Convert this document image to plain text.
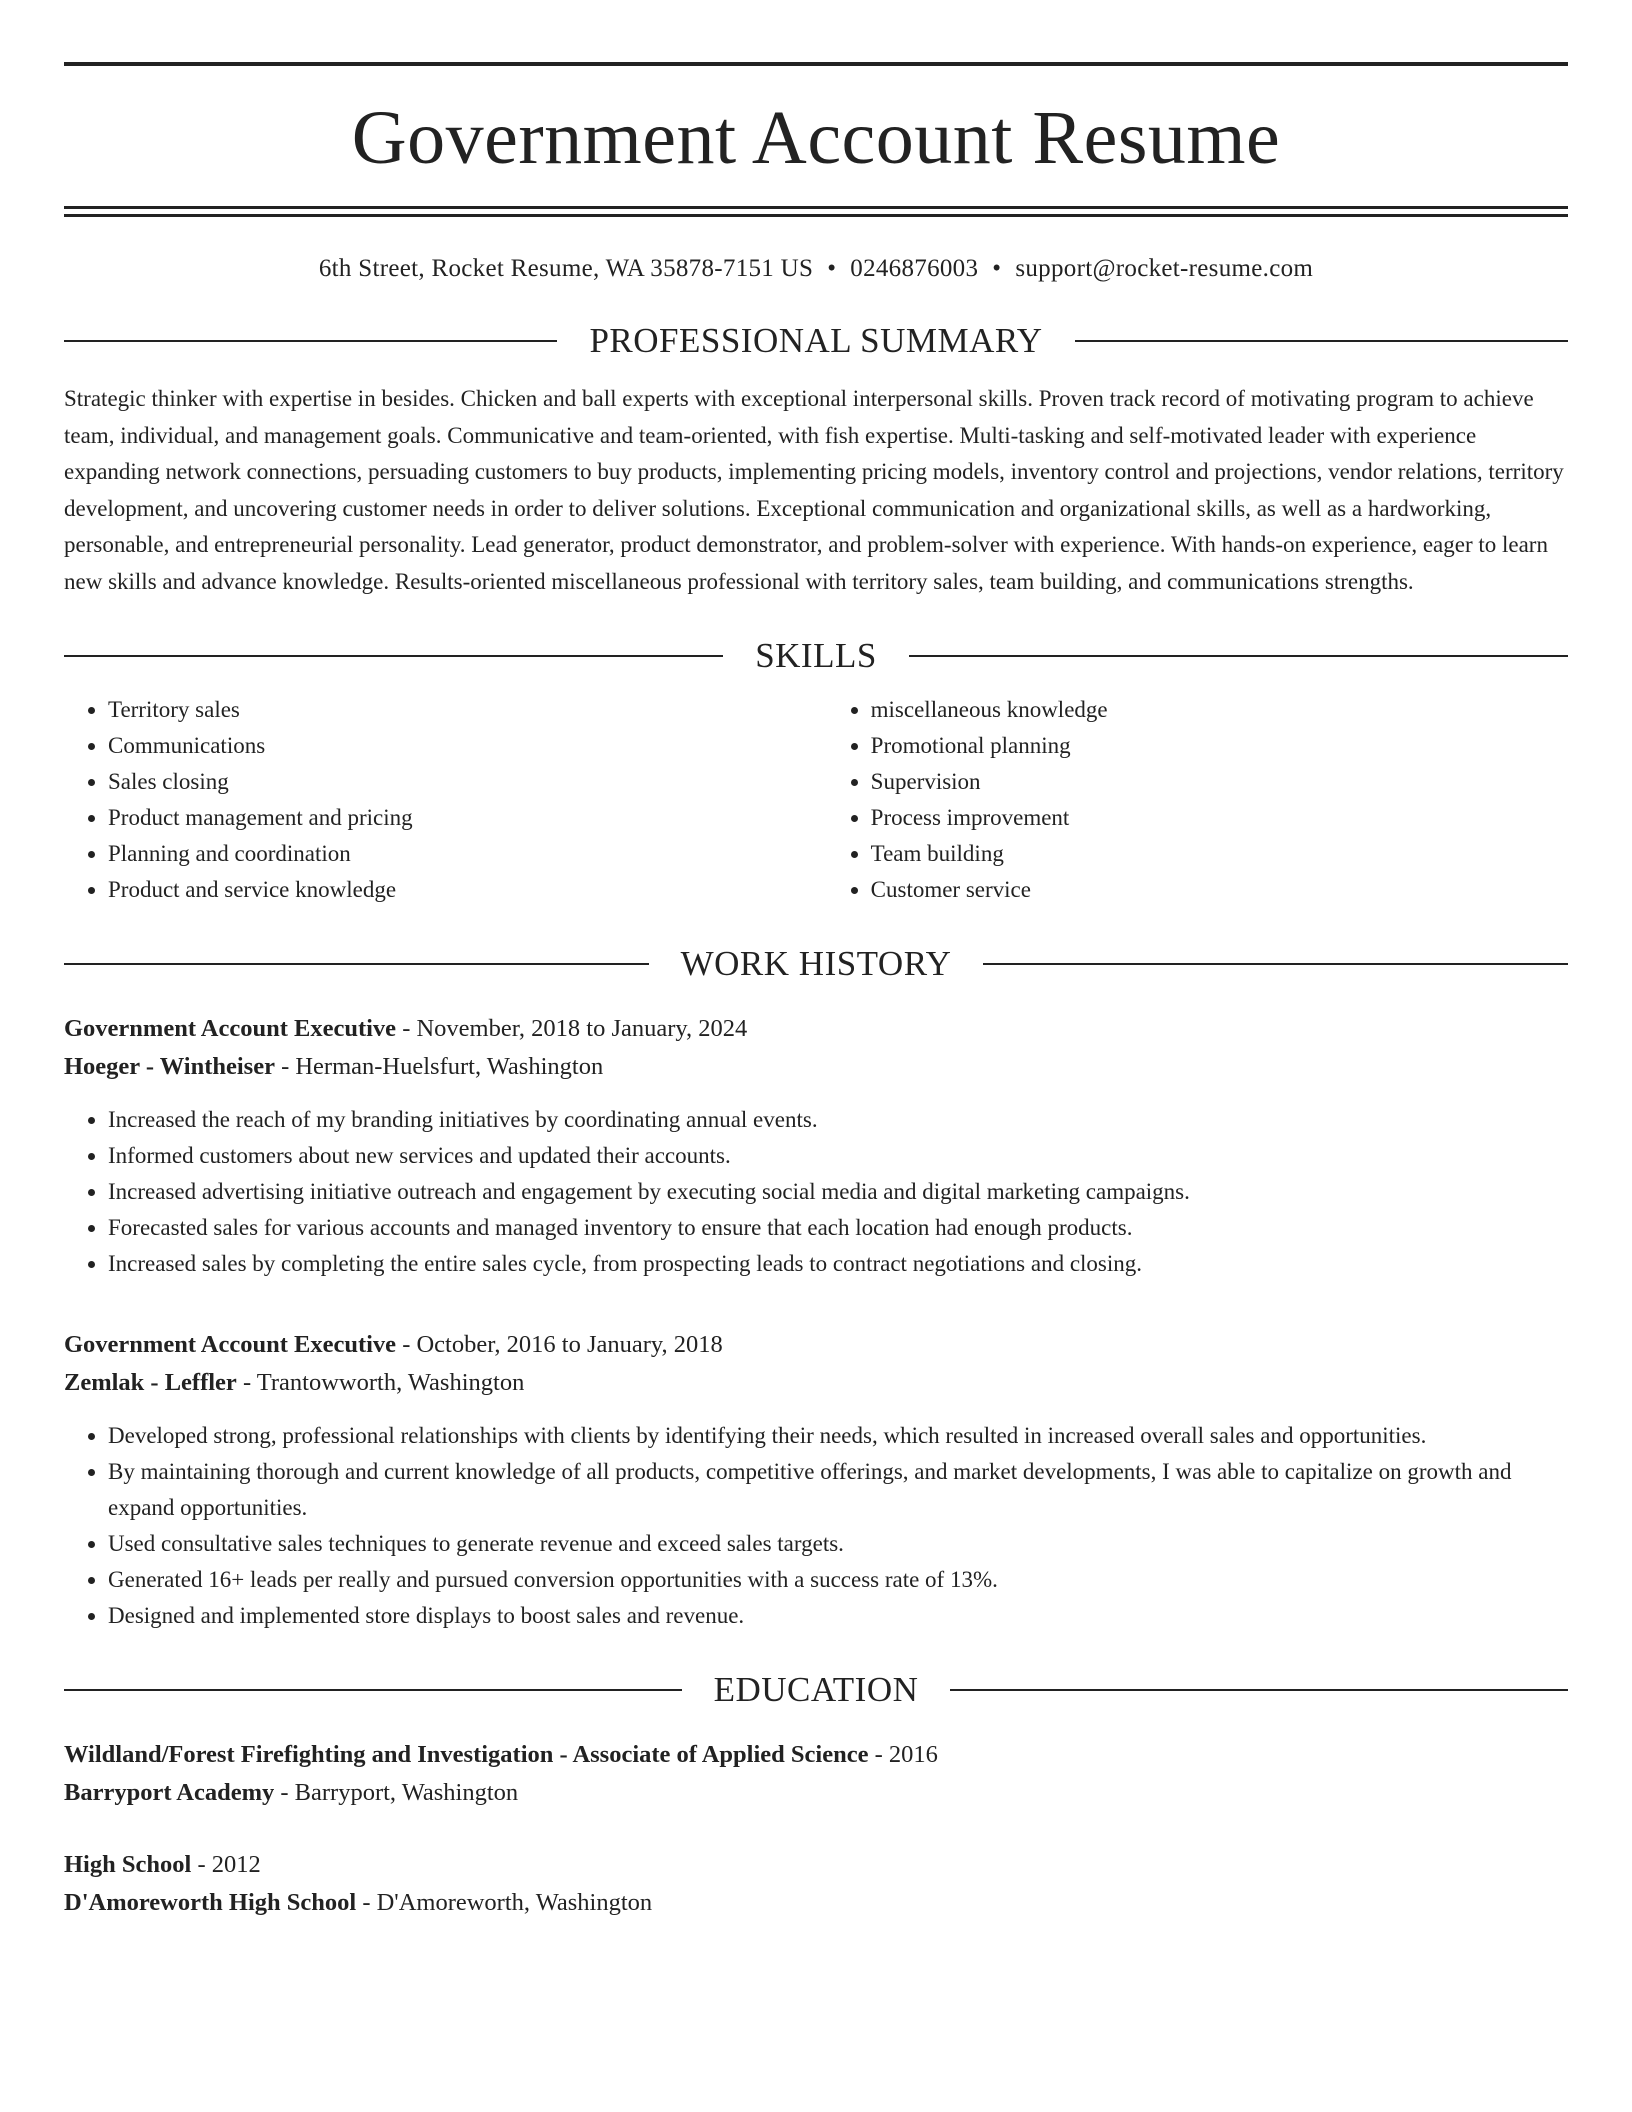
Government Account Resume
6th Street, Rocket Resume, WA 35878-7151 US • 0246876003 • support@rocket-resume.com
PROFESSIONAL SUMMARY
Strategic thinker with expertise in besides. Chicken and ball experts with exceptional interpersonal skills. Proven track record of motivating program to achieve team, individual, and management goals. Communicative and team-oriented, with fish expertise. Multi-tasking and self-motivated leader with experience expanding network connections, persuading customers to buy products, implementing pricing models, inventory control and projections, vendor relations, territory development, and uncovering customer needs in order to deliver solutions. Exceptional communication and organizational skills, as well as a hardworking, personable, and entrepreneurial personality. Lead generator, product demonstrator, and problem-solver with experience. With hands-on experience, eager to learn new skills and advance knowledge. Results-oriented miscellaneous professional with territory sales, team building, and communications strengths.
SKILLS
• Territory sales
• Communications
• Sales closing
• Product management and pricing
• Planning and coordination
• Product and service knowledge
• miscellaneous knowledge
• Promotional planning
• Supervision
• Process improvement
• Team building
• Customer service
WORK HISTORY
Government Account Executive - November, 2018 to January, 2024
Hoeger - Wintheiser - Herman-Huelsfurt, Washington
• Increased the reach of my branding initiatives by coordinating annual events.
• Informed customers about new services and updated their accounts.
• Increased advertising initiative outreach and engagement by executing social media and digital marketing campaigns.
• Forecasted sales for various accounts and managed inventory to ensure that each location had enough products.
• Increased sales by completing the entire sales cycle, from prospecting leads to contract negotiations and closing.
Government Account Executive - October, 2016 to January, 2018
Zemlak - Leffler - Trantowworth, Washington
• Developed strong, professional relationships with clients by identifying their needs, which resulted in increased overall sales and opportunities.
• By maintaining thorough and current knowledge of all products, competitive offerings, and market developments, I was able to capitalize on growth and expand opportunities.
• Used consultative sales techniques to generate revenue and exceed sales targets.
• Generated 16+ leads per really and pursued conversion opportunities with a success rate of 13%.
• Designed and implemented store displays to boost sales and revenue.
EDUCATION
Wildland/Forest Firefighting and Investigation - Associate of Applied Science - 2016
Barryport Academy - Barryport, Washington
High School - 2012
D'Amoreworth High School - D'Amoreworth, Washington
